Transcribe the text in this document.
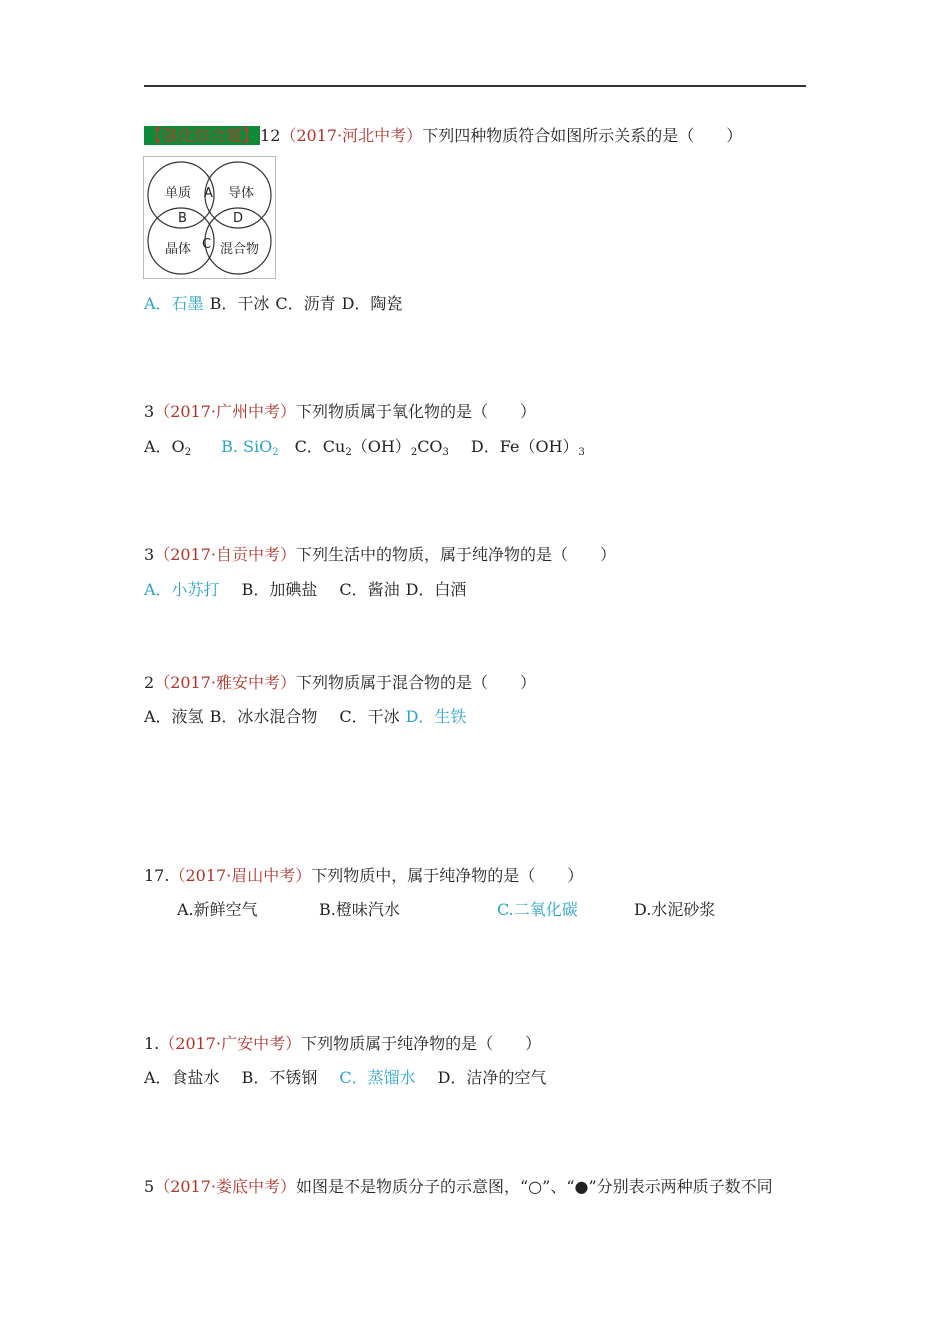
【强化综合题】 12（2017·河北中考）下列四种物质符合如图所示关系的是（　　）
单质	导体
晶体 混合物
A
B
C
D
A．石墨 B．干冰 C．沥青 D．陶瓷
3（2017·广州中考）下列物质属于氧化物的是（　　）
A．$O_2$ B. SiO$_2$ C．$Cu_2(OH)_2CO_3$ D．$Fe(OH)_3$
3（2017·自贡中考）下列生活中的物质，属于纯净物的是（　　）
A．小苏打 B．加碘盐 C．酱油 D．白酒
2（2017·雅安中考）下列物质属于混合物的是（　　）
A．液氢 B．冰水混合物 C．干冰 D．生铁
17.（2017·眉山中考）下列物质中，属于纯净物的是（　　）
A.新鲜空气	B.橙味汽水	C.二氧化碳	D.水泥砂浆
1.（2017·广安中考）下列物质属于纯净物的是（　　）
A．食盐水 B．不锈钢 C．蒸馏水 D．洁净的空气
5（2017·娄底中考）如图是不是物质分子的示意图，“○”、“●”分别表示两种质子数不同
